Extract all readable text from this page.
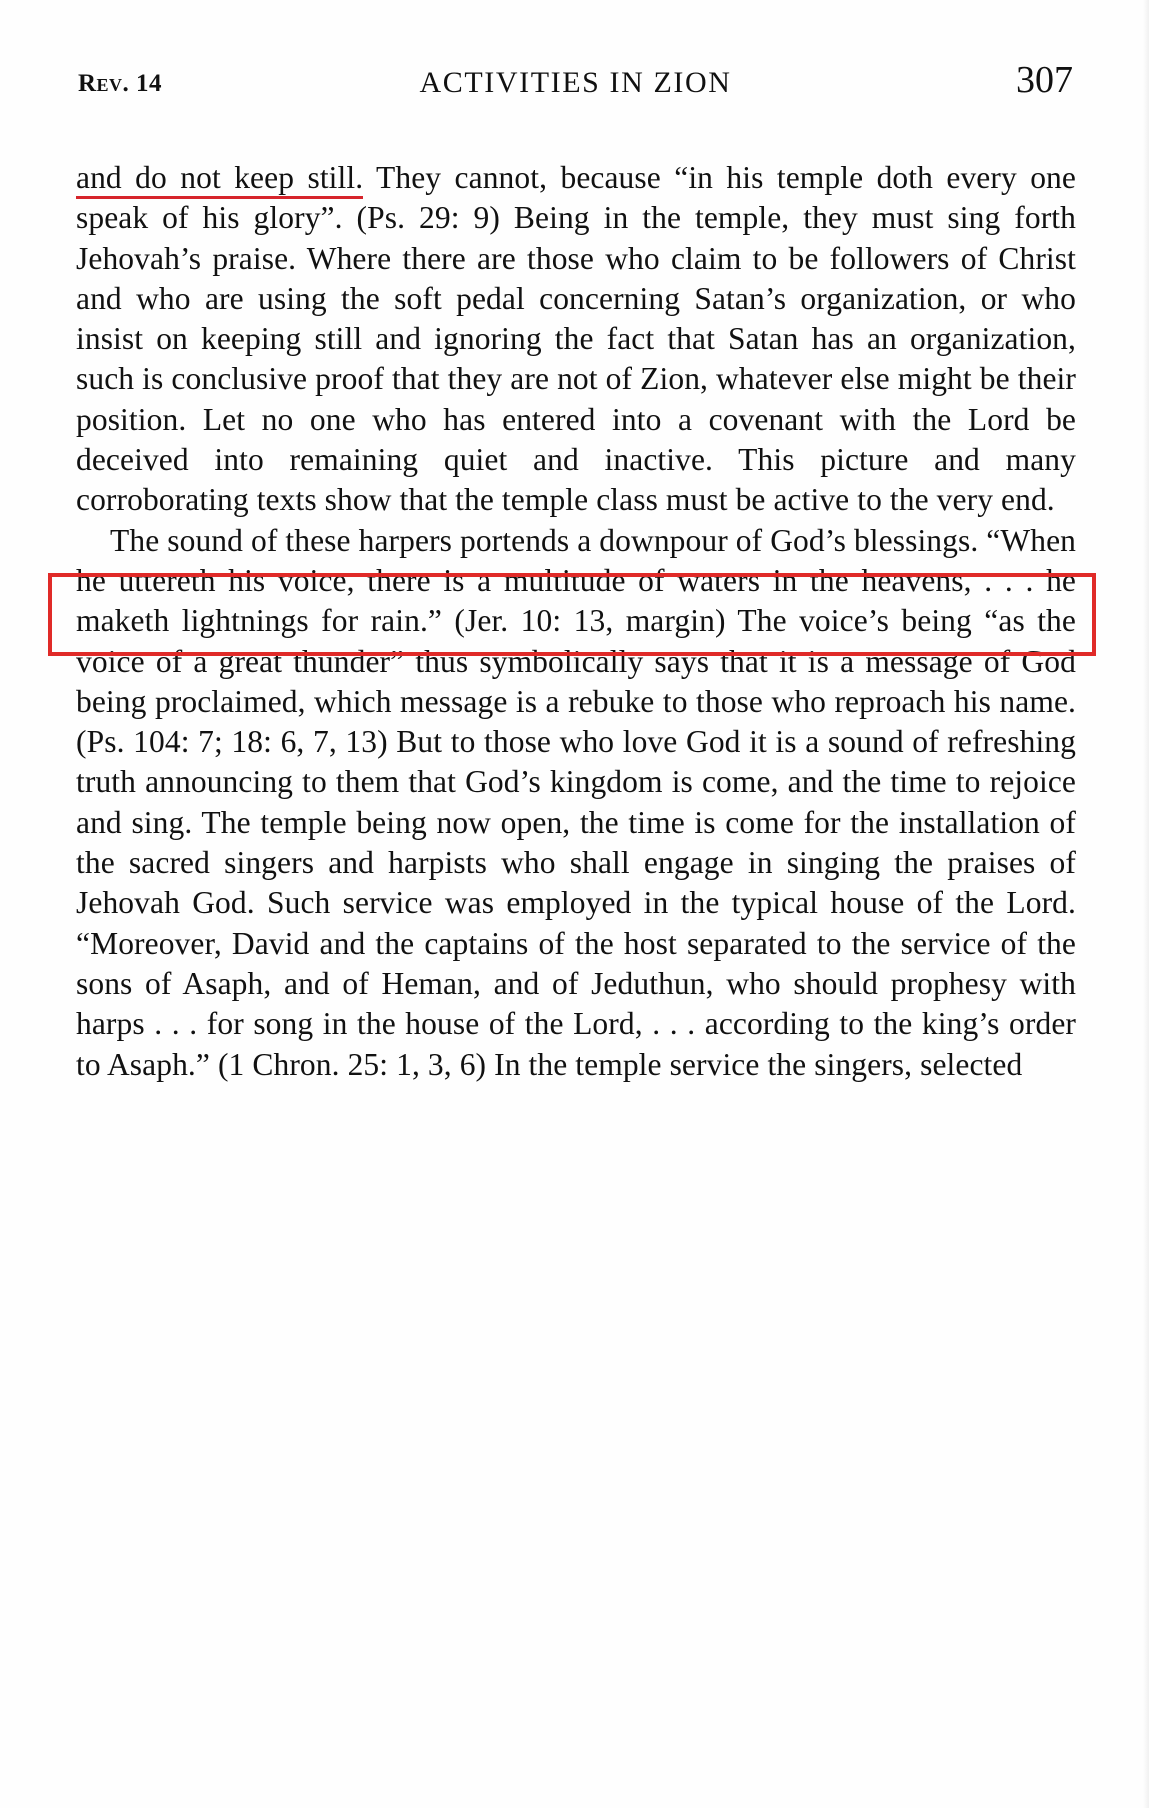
Rev. 14	ACTIVITIES IN ZION	307

and do not keep still. They cannot, because “in his temple doth every one speak of his glory”. (Ps. 29: 9) Being in the temple, they must sing forth Jehovah’s praise. Where there are those who claim to be followers of Christ and who are using the soft pedal concerning Satan’s organization, or who insist on keeping still and ignoring the fact that Satan has an organization, such is conclusive proof that they are not of Zion, whatever else might be their position. Let no one who has entered into a covenant with the Lord be deceived into remaining quiet and inactive. This picture and many corroborating texts show that the temple class must be active to the very end.

The sound of these harpers portends a downpour of God’s blessings. “When he uttereth his voice, there is a multitude of waters in the heavens, . . . he maketh lightnings for rain.” (Jer. 10: 13, margin) The voice’s being “as the voice of a great thunder” thus symbolically says that it is a message of God being proclaimed, which message is a rebuke to those who reproach his name. (Ps. 104: 7; 18: 6, 7, 13) But to those who love God it is a sound of refreshing truth announcing to them that God’s kingdom is come, and the time to rejoice and sing. The temple being now open, the time is come for the installation of the sacred singers and harpists who shall engage in singing the praises of Jehovah God. Such service was employed in the typical house of the Lord. “Moreover, David and the captains of the host separated to the service of the sons of Asaph, and of Heman, and of Jeduthun, who should prophesy with harps . . . for song in the house of the Lord, . . . according to the king’s order to Asaph.” (1 Chron. 25: 1, 3, 6) In the temple service the singers, selected
